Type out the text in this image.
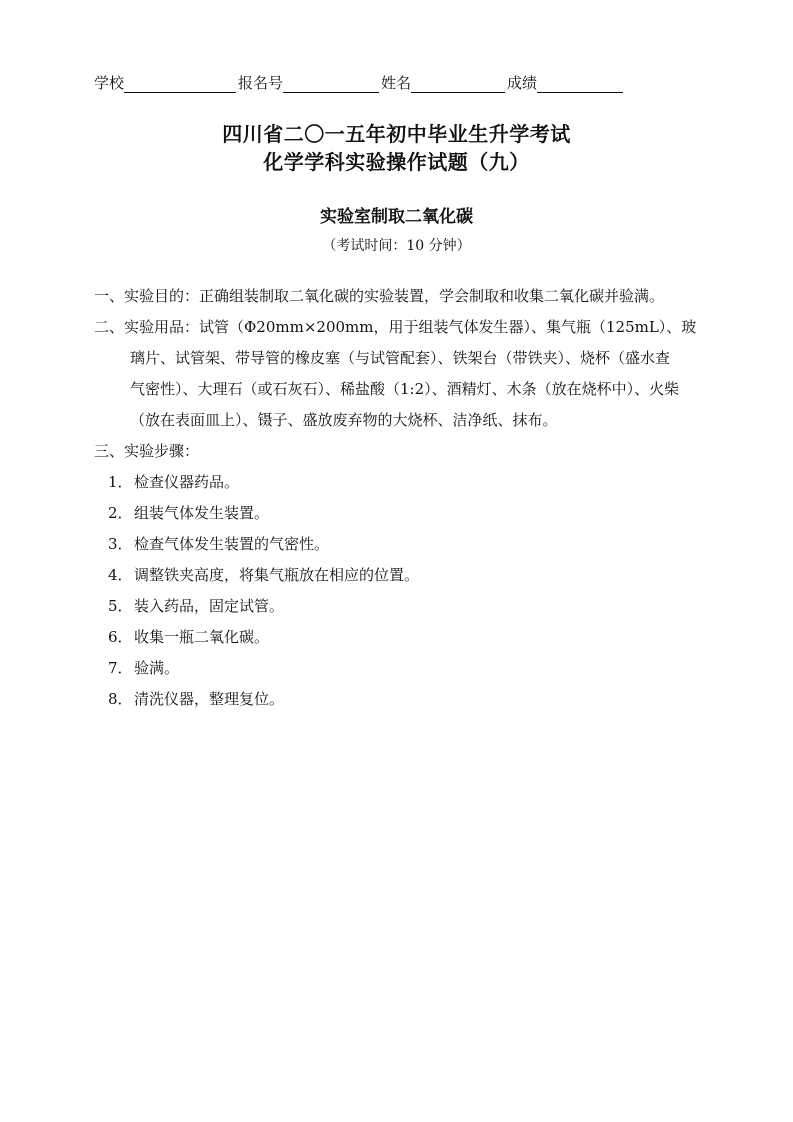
学校	报名号	姓名	成绩
四川省二〇一五年初中毕业生升学考试
化学学科实验操作试题（九）
实验室制取二氧化碳
（考试时间：10 分钟）
一、实验目的：正确组装制取二氧化碳的实验装置，学会制取和收集二氧化碳并验满。
二、实验用品：试管（Φ20mm×200mm，用于组装气体发生器）、集气瓶（125mL）、玻
璃片、试管架、带导管的橡皮塞（与试管配套）、铁架台（带铁夹）、烧杯（盛水查
气密性）、大理石（或石灰石）、稀盐酸（1:2）、酒精灯、木条（放在烧杯中）、火柴
（放在表面皿上）、镊子、盛放废弃物的大烧杯、洁净纸、抹布。
三、实验步骤：
1．检查仪器药品。
2．组装气体发生装置。
3．检查气体发生装置的气密性。
4．调整铁夹高度，将集气瓶放在相应的位置。
5．装入药品，固定试管。
6．收集一瓶二氧化碳。
7．验满。
8．清洗仪器，整理复位。
